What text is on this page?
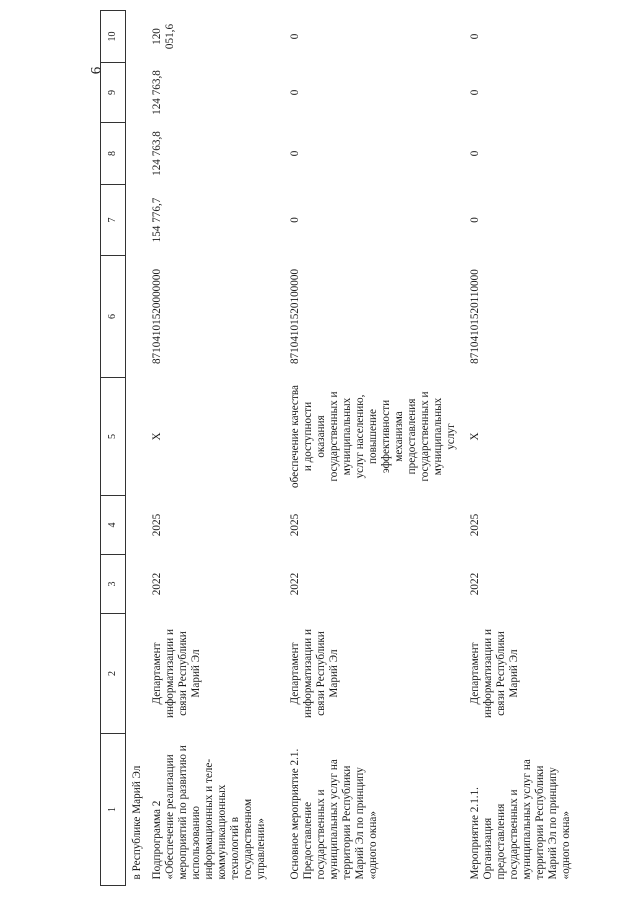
6
1	2	3	4	5	6	7	8	9	10
в Республике Марий Эл									
Подпрограмма 2 «Обеспечение реализации мероприятий по развитию и использованию информационных и теле-коммуникационных технологий в государственном управлении»	Департамент информатизации и связи Республики Марий Эл	2022	2025	Х	87104101520000000	154 776,7	124 763,8	124 763,8	120 051,6
Основное мероприятие 2.1. Предоставление государственных и муниципальных услуг на территории Республики Марий Эл по принципу «одного окна»	Департамент информатизации и связи Республики Марий Эл	2022	2025	обеспечение качества и доступности оказания государственных и муниципальных услуг населению, повышение эффективности механизма предоставления государственных и муниципальных услуг	87104101520100000	0	0	0	0
Мероприятие 2.1.1. Организация предоставления государственных и муниципальных услуг на территории Республики Марий Эл по принципу «одного окна»	Департамент информатизации и связи Республики Марий Эл	2022	2025	Х	87104101520110000	0	0	0	0
